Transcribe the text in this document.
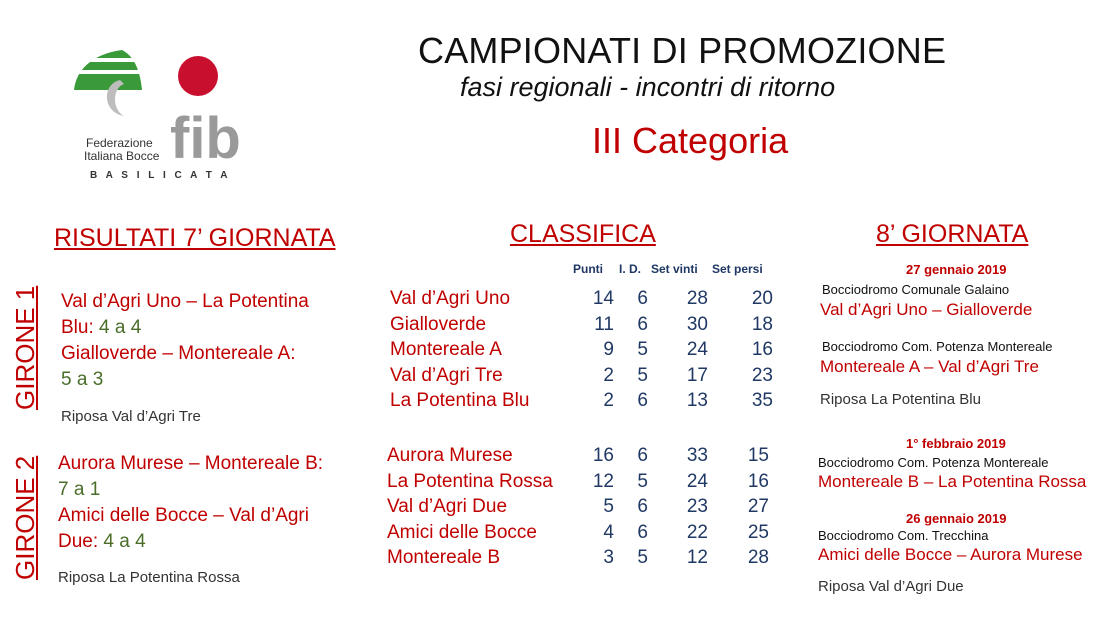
fib
Federazione
Italiana Bocce
B A S I L I C A T A
CAMPIONATI DI PROMOZIONE
fasi regionali - incontri di ritorno
III Categoria
RISULTATI 7’ GIORNATA
GIRONE 1
GIRONE 2
Val d’Agri Uno – La Potentina
Blu: 4 a 4
Gialloverde – Montereale A:
5 a 3
Riposa Val d’Agri Tre
Aurora Murese – Montereale B:
7 a 1
Amici delle Bocce – Val d’Agri
Due: 4 a 4
Riposa La Potentina Rossa
CLASSIFICA
Punti I. D. Set vinti Set persi
Val d’Agri Uno	14	6	28	20
Gialloverde	11	6	30	18
Montereale A	9	5	24	16
Val d’Agri Tre	2	5	17	23
La Potentina Blu	2	6	13	35
Aurora Murese	16	6	33	15
La Potentina Rossa	12	5	24	16
Val d’Agri Due	5	6	23	27
Amici delle Bocce	4	6	22	25
Montereale B	3	5	12	28
8’ GIORNATA
27 gennaio 2019
Bocciodromo Comunale Galaino
Val d’Agri Uno – Gialloverde
Bocciodromo Com. Potenza Montereale
Montereale A – Val d’Agri Tre
Riposa La Potentina Blu
1° febbraio 2019
Bocciodromo Com. Potenza Montereale
Montereale B – La Potentina Rossa
26 gennaio 2019
Bocciodromo Com. Trecchina
Amici delle Bocce – Aurora Murese
Riposa Val d’Agri Due
